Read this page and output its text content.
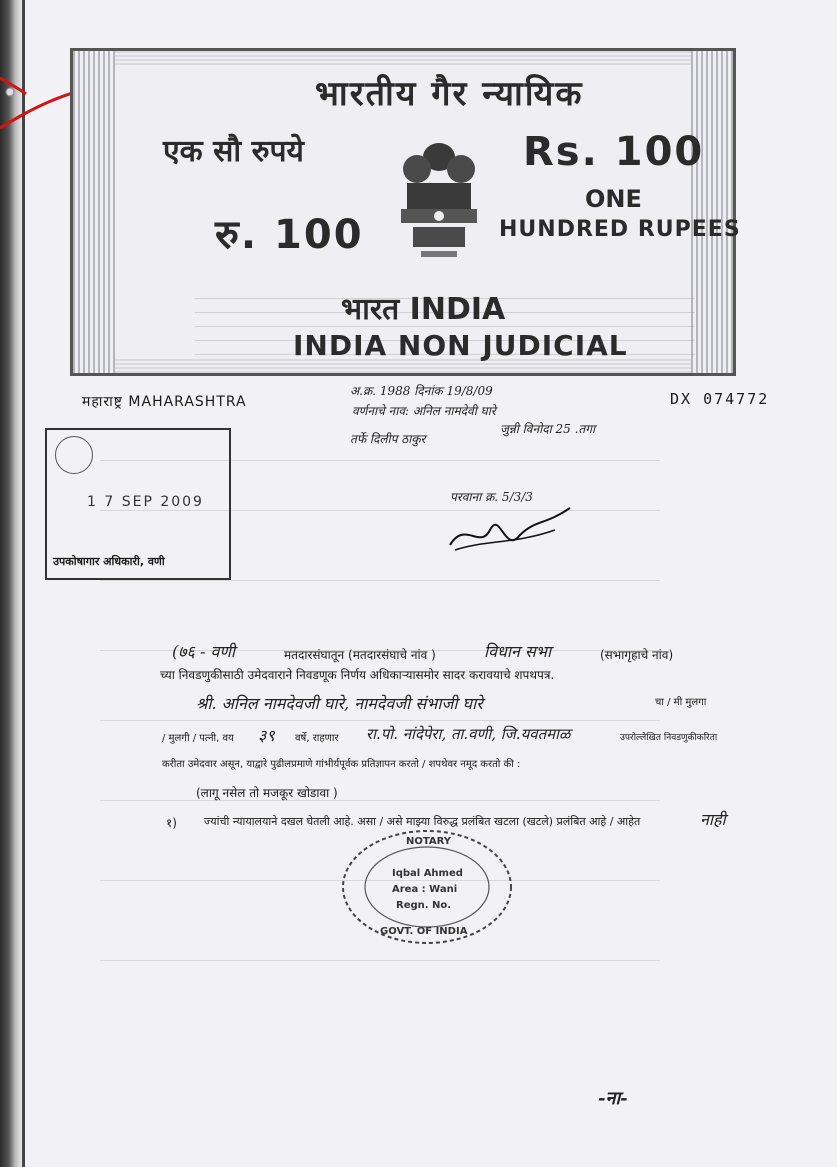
भारतीय गैर न्यायिक
एक सौ रुपये	Rs. 100
ONE
HUNDRED RUPEES
रु. 100
भारत INDIA
INDIA NON JUDICIAL
महाराष्ट्र MAHARASHTRA	DX 074772
अ.क्र. 1988 दिनांक 19/8/09
वर्णनाचे नाव: अनिल नामदेवी घारे
जुन्नी विनोदा 25 .तगा
तर्फे दिलीप ठाकुर
परवाना क्र. 5/3/3
1 7 SEP 2009
उपकोषागार अधिकारी, वणी
(७६ - वणी	मतदारसंघातून (मतदारसंघाचे नांव )	विधान सभा	(सभागृहाचे नांव)
च्या निवडणुकीसाठी उमेदवाराने निवडणूक निर्णय अधिकाऱ्यासमोर सादर करावयाचे शपथपत्र.
श्री. अनिल नामदेवजी घारे, नामदेवजी संभाजी घारे	चा / मी मुलगा
/ मुलगी / पत्नी, वय ३९ वर्षे, राहणार रा.पो. नांदेपेरा, ता.वणी, जि.यवतमाळ	उपरोल्लेखित निवडणुकीकरिता
करीता उमेदवार असून, याद्वारे पुढीलप्रमाणे गांभीर्यपूर्वक प्रतिज्ञापन करतो / शपथेवर नमूद करतो की :
(लागू नसेल तो मजकूर खोडावा )
१) ज्यांची न्यायालयाने दखल घेतली आहे. असा / असे माझ्या विरुद्ध प्रलंबित खटला (खटले) प्रलंबित आहे / आहेत	नाही
NOTARY
Iqbal Ahmed
Area : Wani
Regn. No.
GOVT. OF INDIA
-ना-
